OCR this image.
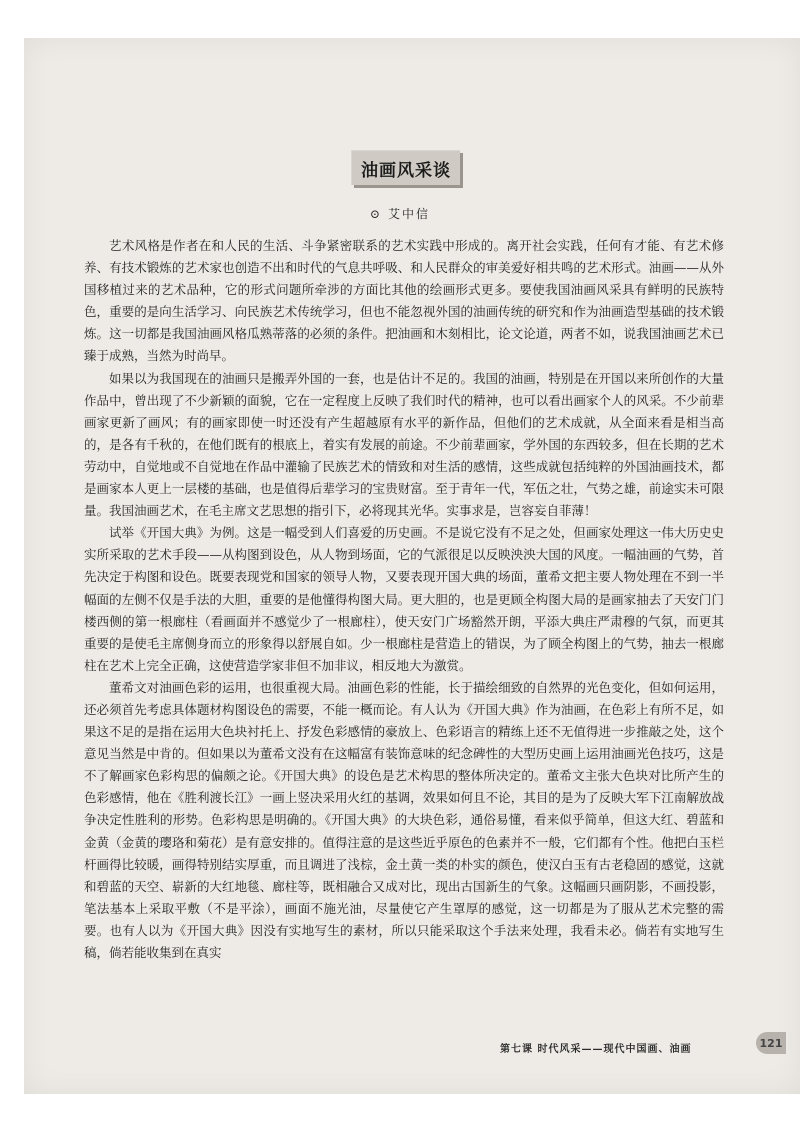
油画风采谈
⊙ 艾中信

艺术风格是作者在和人民的生活、斗争紧密联系的艺术实践中形成的。离开社会实践，任何有才能、有艺术修养、有技术锻炼的艺术家也创造不出和时代的气息共呼吸、和人民群众的审美爱好相共鸣的艺术形式。油画——从外国移植过来的艺术品种，它的形式问题所牵涉的方面比其他的绘画形式更多。要使我国油画风采具有鲜明的民族特色，重要的是向生活学习、向民族艺术传统学习，但也不能忽视外国的油画传统的研究和作为油画造型基础的技术锻炼。这一切都是我国油画风格瓜熟蒂落的必须的条件。把油画和木刻相比，论文论道，两者不如，说我国油画艺术已臻于成熟，当然为时尚早。

如果以为我国现在的油画只是搬弄外国的一套，也是估计不足的。我国的油画，特别是在开国以来所创作的大量作品中，曾出现了不少新颖的面貌，它在一定程度上反映了我们时代的精神，也可以看出画家个人的风采。不少前辈画家更新了画风；有的画家即使一时还没有产生超越原有水平的新作品，但他们的艺术成就，从全面来看是相当高的，是各有千秋的，在他们既有的根底上，着实有发展的前途。不少前辈画家，学外国的东西较多，但在长期的艺术劳动中，自觉地或不自觉地在作品中灌输了民族艺术的情致和对生活的感情，这些成就包括纯粹的外国油画技术，都是画家本人更上一层楼的基础，也是值得后辈学习的宝贵财富。至于青年一代，军伍之壮，气势之雄，前途实未可限量。我国油画艺术，在毛主席文艺思想的指引下，必将现其光华。实事求是，岂容妄自菲薄！

试举《开国大典》为例。这是一幅受到人们喜爱的历史画。不是说它没有不足之处，但画家处理这一伟大历史史实所采取的艺术手段——从构图到设色，从人物到场面，它的气派很足以反映泱泱大国的风度。一幅油画的气势，首先决定于构图和设色。既要表现党和国家的领导人物，又要表现开国大典的场面，董希文把主要人物处理在不到一半幅面的左侧不仅是手法的大胆，重要的是他懂得构图大局。更大胆的，也是更顾全构图大局的是画家抽去了天安门门楼西侧的第一根廊柱（看画面并不感觉少了一根廊柱），使天安门广场豁然开朗，平添大典庄严肃穆的气氛，而更其重要的是使毛主席侧身而立的形象得以舒展自如。少一根廊柱是营造上的错误，为了顾全构图上的气势，抽去一根廊柱在艺术上完全正确，这使营造学家非但不加非议，相反地大为激赏。

董希文对油画色彩的运用，也很重视大局。油画色彩的性能，长于描绘细致的自然界的光色变化，但如何运用，还必须首先考虑具体题材构图设色的需要，不能一概而论。有人认为《开国大典》作为油画，在色彩上有所不足，如果这不足的是指在运用大色块衬托上、抒发色彩感情的豪放上、色彩语言的精练上还不无值得进一步推敲之处，这个意见当然是中肯的。但如果以为董希文没有在这幅富有装饰意味的纪念碑性的大型历史画上运用油画光色技巧，这是不了解画家色彩构思的偏颇之论。《开国大典》的设色是艺术构思的整体所决定的。董希文主张大色块对比所产生的色彩感情，他在《胜利渡长江》一画上竖决采用火红的基调，效果如何且不论，其目的是为了反映大军下江南解放战争决定性胜利的形势。色彩构思是明确的。《开国大典》的大块色彩，通俗易懂，看来似乎简单，但这大红、碧蓝和金黄（金黄的璎珞和菊花）是有意安排的。值得注意的是这些近乎原色的色素并不一般，它们都有个性。他把白玉栏杆画得比较暖，画得特别结实厚重，而且调进了浅棕，金土黄一类的朴实的颜色，使汉白玉有古老稳固的感觉，这就和碧蓝的天空、崭新的大红地毯、廊柱等，既相融合又成对比，现出古国新生的气象。这幅画只画阴影，不画投影，笔法基本上采取平敷（不是平涂），画面不施光油，尽量使它产生罩厚的感觉，这一切都是为了服从艺术完整的需要。也有人以为《开国大典》因没有实地写生的素材，所以只能采取这个手法来处理，我看未必。倘若有实地写生稿，倘若能收集到在真实

第七课 时代风采——现代中国画、油画	121
